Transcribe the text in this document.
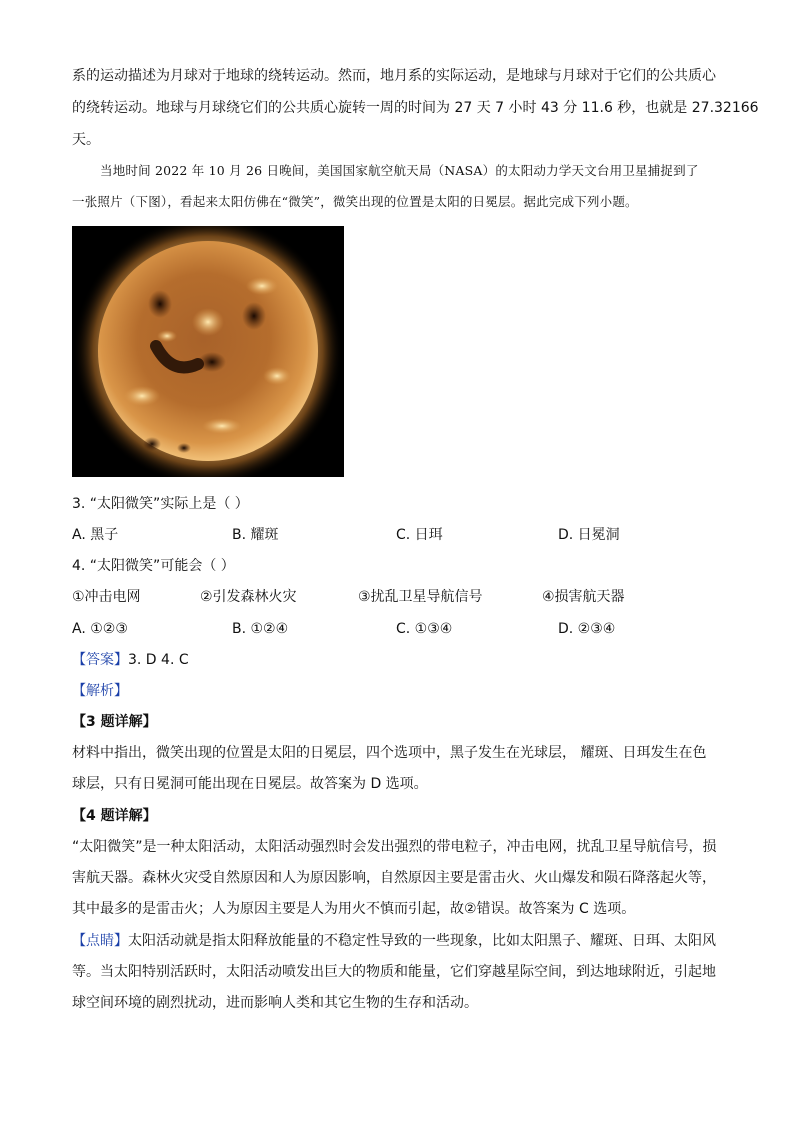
系的运动描述为月球对于地球的绕转运动。然而，地月系的实际运动，是地球与月球对于它们的公共质心
的绕转运动。地球与月球绕它们的公共质心旋转一周的时间为 27 天 7 小时 43 分 11.6 秒，也就是 27.32166
天。
当地时间 2022 年 10 月 26 日晚间，美国国家航空航天局（NASA）的太阳动力学天文台用卫星捕捉到了
一张照片（下图），看起来太阳仿佛在“微笑”，微笑出现的位置是太阳的日冕层。据此完成下列小题。
3. “太阳微笑”实际上是（ ）
A. 黑子	B. 耀斑	C. 日珥	D. 日冕洞
4. “太阳微笑”可能会（ ）
①冲击电网	②引发森林火灾	③扰乱卫星导航信号	④损害航天器
A. ①②③	B. ①②④	C. ①③④	D. ②③④
【答案】3. D 4. C
【解析】
【3 题详解】
材料中指出，微笑出现的位置是太阳的日冕层，四个选项中，黑子发生在光球层， 耀斑、日珥发生在色
球层，只有日冕洞可能出现在日冕层。故答案为 D 选项。
【4 题详解】
“太阳微笑”是一种太阳活动，太阳活动强烈时会发出强烈的带电粒子，冲击电网，扰乱卫星导航信号，损
害航天器。森林火灾受自然原因和人为原因影响，自然原因主要是雷击火、火山爆发和陨石降落起火等，
其中最多的是雷击火；人为原因主要是人为用火不慎而引起，故②错误。故答案为 C 选项。
【点睛】太阳活动就是指太阳释放能量的不稳定性导致的一些现象，比如太阳黑子、耀斑、日珥、太阳风
等。当太阳特别活跃时，太阳活动喷发出巨大的物质和能量，它们穿越星际空间，到达地球附近，引起地
球空间环境的剧烈扰动，进而影响人类和其它生物的生存和活动。
